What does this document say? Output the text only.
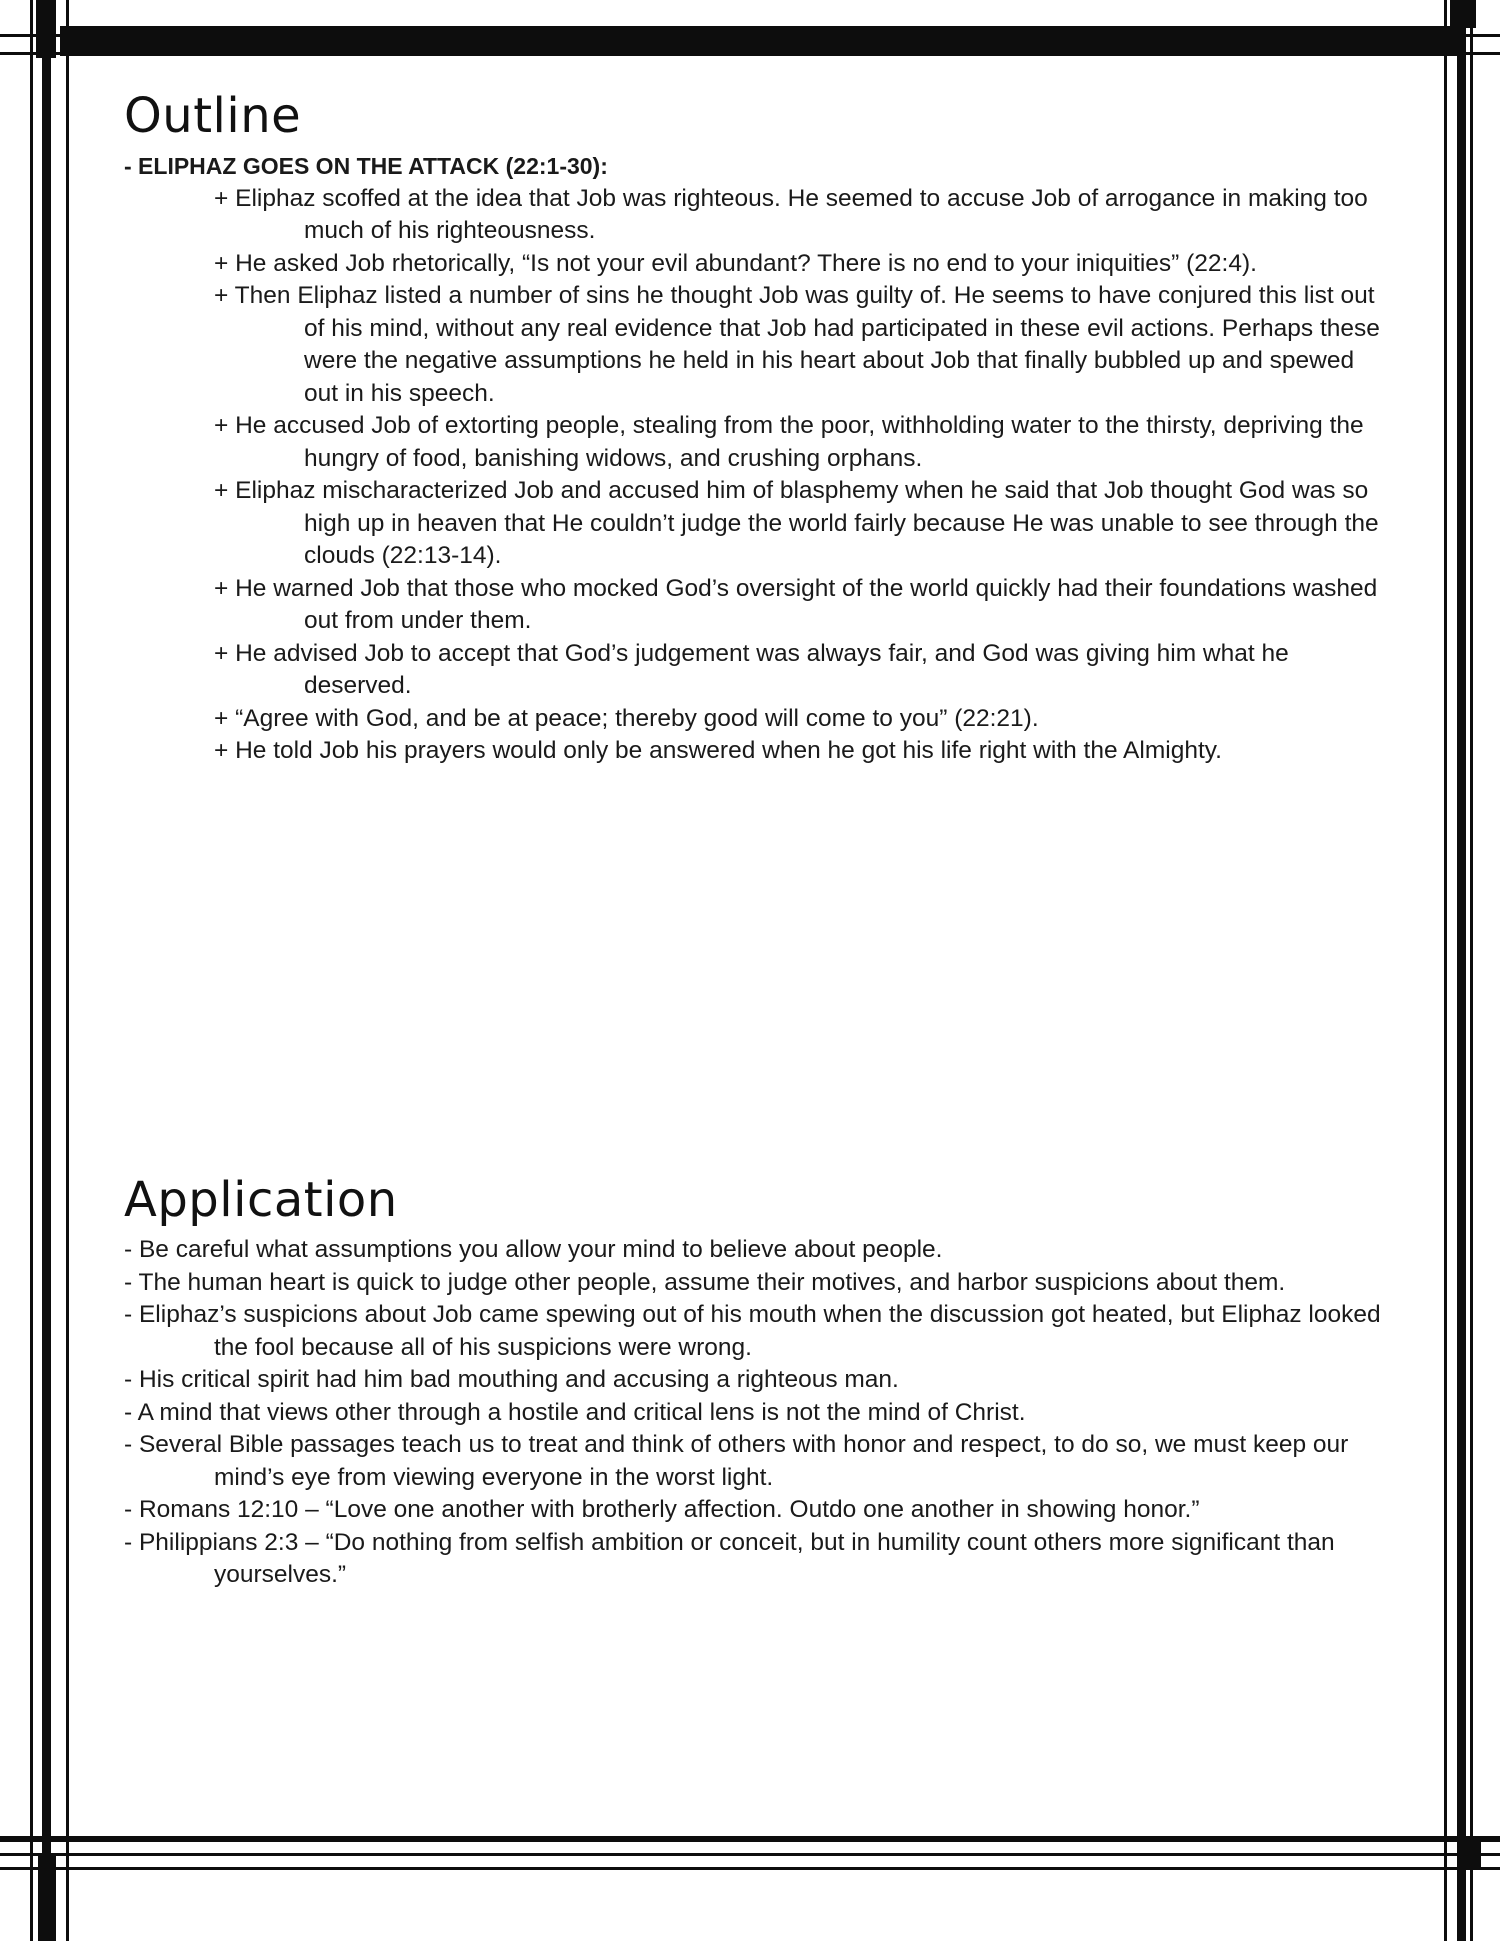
Outline
- ELIPHAZ GOES ON THE ATTACK (22:1-30):
+ Eliphaz scoffed at the idea that Job was righteous. He seemed to accuse Job of arrogance in making too much of his righteousness.
+ He asked Job rhetorically, “Is not your evil abundant? There is no end to your iniquities” (22:4).
+ Then Eliphaz listed a number of sins he thought Job was guilty of. He seems to have conjured this list out of his mind, without any real evidence that Job had participated in these evil actions. Perhaps these were the negative assumptions he held in his heart about Job that finally bubbled up and spewed out in his speech.
+ He accused Job of extorting people, stealing from the poor, withholding water to the thirsty, depriving the hungry of food, banishing widows, and crushing orphans.
+ Eliphaz mischaracterized Job and accused him of blasphemy when he said that Job thought God was so high up in heaven that He couldn’t judge the world fairly because He was unable to see through the clouds (22:13-14).
+ He warned Job that those who mocked God’s oversight of the world quickly had their foundations washed out from under them.
+ He advised Job to accept that God’s judgement was always fair, and God was giving him what he deserved.
+ “Agree with God, and be at peace; thereby good will come to you” (22:21).
+ He told Job his prayers would only be answered when he got his life right with the Almighty.
Application
- Be careful what assumptions you allow your mind to believe about people.
- The human heart is quick to judge other people, assume their motives, and harbor suspicions about them.
- Eliphaz’s suspicions about Job came spewing out of his mouth when the discussion got heated, but Eliphaz looked the fool because all of his suspicions were wrong.
- His critical spirit had him bad mouthing and accusing a righteous man.
- A mind that views other through a hostile and critical lens is not the mind of Christ.
- Several Bible passages teach us to treat and think of others with honor and respect, to do so, we must keep our mind’s eye from viewing everyone in the worst light.
- Romans 12:10 – “Love one another with brotherly affection. Outdo one another in showing honor.”
- Philippians 2:3 – “Do nothing from selfish ambition or conceit, but in humility count others more significant than yourselves.”
